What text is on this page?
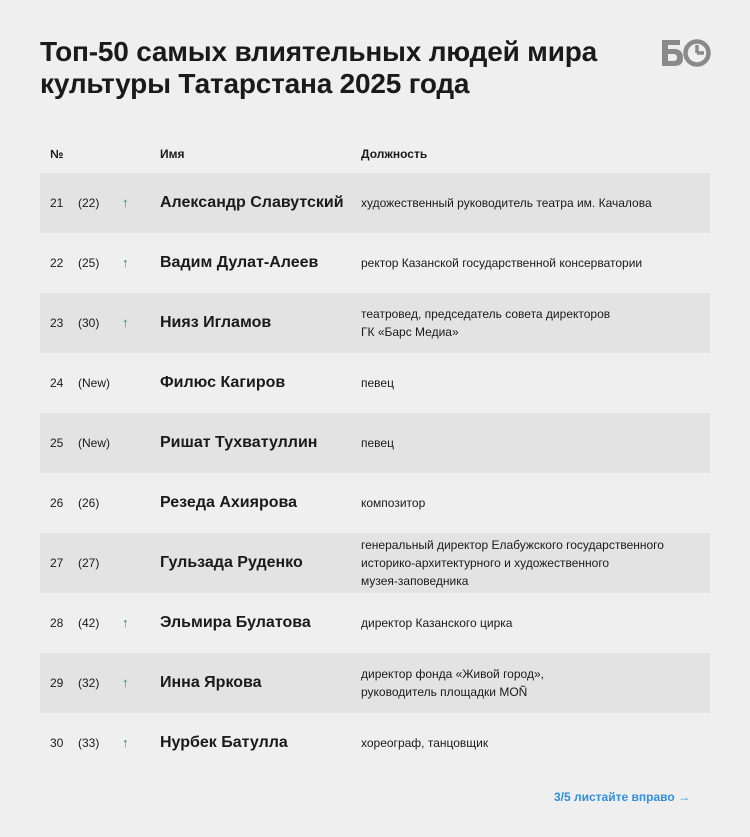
Топ-50 самых влиятельных людей мира культуры Татарстана 2025 года
№	Имя	Должность
21	(22)	↑	Александр Славутский	художественный руководитель театра им. Качалова
22	(25)	↑	Вадим Дулат-Алеев	ректор Казанской государственной консерватории
23	(30)	↑	Нияз Игламов	театровед, председатель совета директоров
ГК «Барс Медиа»
24	(New)	Филюс Кагиров	певец
25	(New)	Ришат Тухватуллин	певец
26	(26)	Резеда Ахиярова	композитор
27	(27)	Гульзада Руденко
генеральный директор Елабужского государственного
историко-архитектурного и художественного
музея-заповедника
28	(42)	↑	Эльмира Булатова	директор Казанского цирка
29	(32)	↑	Инна Яркова	директор фонда «Живой город»,
руководитель площадки МОÑ
30	(33)	↑	Нурбек Батулла	хореограф, танцовщик
3/5 листайте вправо →
